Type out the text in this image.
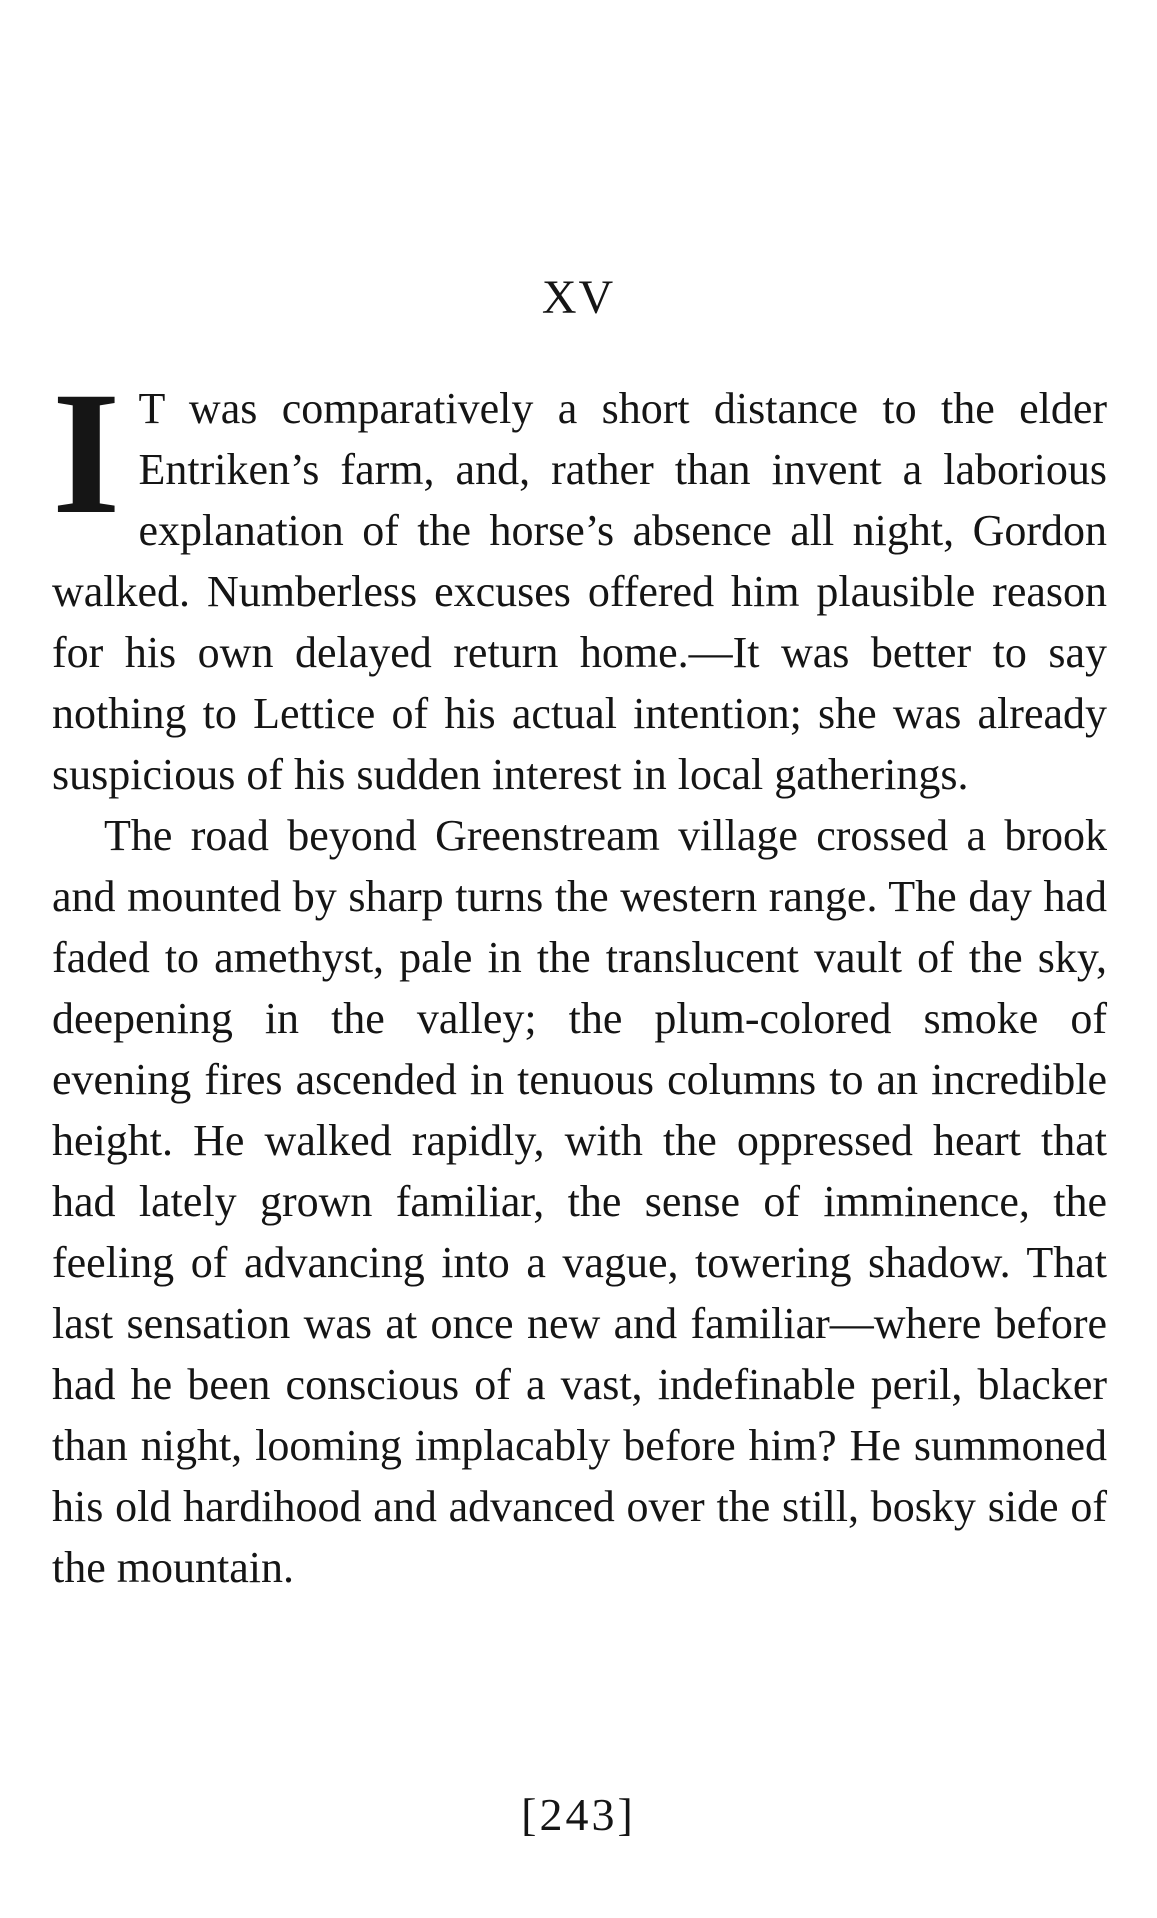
XV

I T was comparatively a short distance to the elder Entriken’s farm, and, rather than invent a laborious explanation of the horse’s absence all night, Gordon walked. Numberless excuses offered him plausible reason for his own delayed return home.—It was better to say nothing to Lettice of his actual intention; she was already suspicious of his sudden interest in local gatherings.

The road beyond Greenstream village crossed a brook and mounted by sharp turns the western range. The day had faded to amethyst, pale in the translucent vault of the sky, deepening in the valley; the plum-colored smoke of evening fires ascended in tenuous columns to an incredible height. He walked rapidly, with the oppressed heart that had lately grown familiar, the sense of imminence, the feeling of advancing into a vague, towering shadow. That last sensation was at once new and familiar—where before had he been conscious of a vast, indefinable peril, blacker than night, looming implacably before him? He summoned his old hardihood and advanced over the still, bosky side of the mountain.

[243]
